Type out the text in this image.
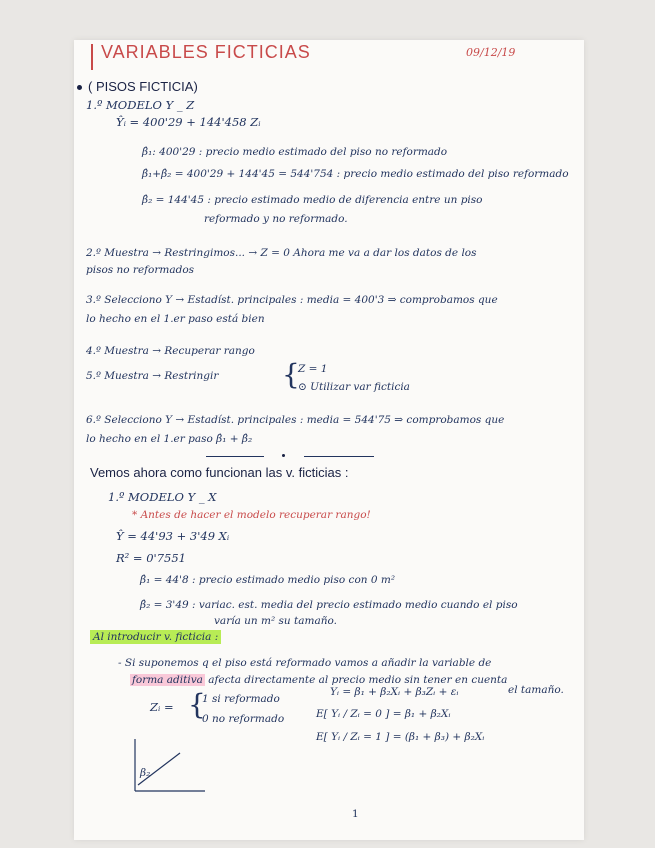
VARIABLES FICTICIAS	09/12/19
( PISOS FICTICIA)
1.º MODELO Y _ Z
Ŷᵢ = 400'29 + 144'458 Zᵢ
β̂₁: 400'29 : precio medio estimado del piso no reformado
β̂₁+β̂₂ = 400'29 + 144'45 = 544'754 : precio medio estimado del piso reformado
β̂₂ = 144'45 : precio estimado medio de diferencia entre un piso
reformado y no reformado.
2.º Muestra → Restringimos... → Z = 0 Ahora me va a dar los datos de los
pisos no reformados
3.º Selecciono Y → Estadíst. principales : media = 400'3 ⇒ comprobamos que
lo hecho en el 1.er paso está bien
4.º Muestra → Recuperar rango
5.º Muestra → Restringir {
Z = 1
⊙ Utilizar var ficticia
6.º Selecciono Y → Estadíst. principales : media = 544'75 ⇒ comprobamos que
lo hecho en el 1.er paso β̂₁ + β̂₂
Vemos ahora como funcionan las v. ficticias :
1.º MODELO Y _ X
* Antes de hacer el modelo recuperar rango!
Ŷ = 44'93 + 3'49 Xᵢ
R² = 0'7551
β̂₁ = 44'8 : precio estimado medio piso con 0 m²
β̂₂ = 3'49 : variac. est. media del precio estimado medio cuando el piso
varía un m² su tamaño.
Al introducir v. ficticia :
- Si suponemos q el piso está reformado vamos a añadir la variable de
forma aditiva afecta directamente al precio medio sin tener en cuenta
el tamaño.
Zᵢ = {
1 si reformado
0 no reformado
Yᵢ = β₁ + β₂Xᵢ + β₃Zᵢ + εᵢ
E[ Yᵢ / Zᵢ = 0 ] = β₁ + β₂Xᵢ
E[ Yᵢ / Zᵢ = 1 ] = (β₁ + β₃) + β₂Xᵢ
β₂
1
